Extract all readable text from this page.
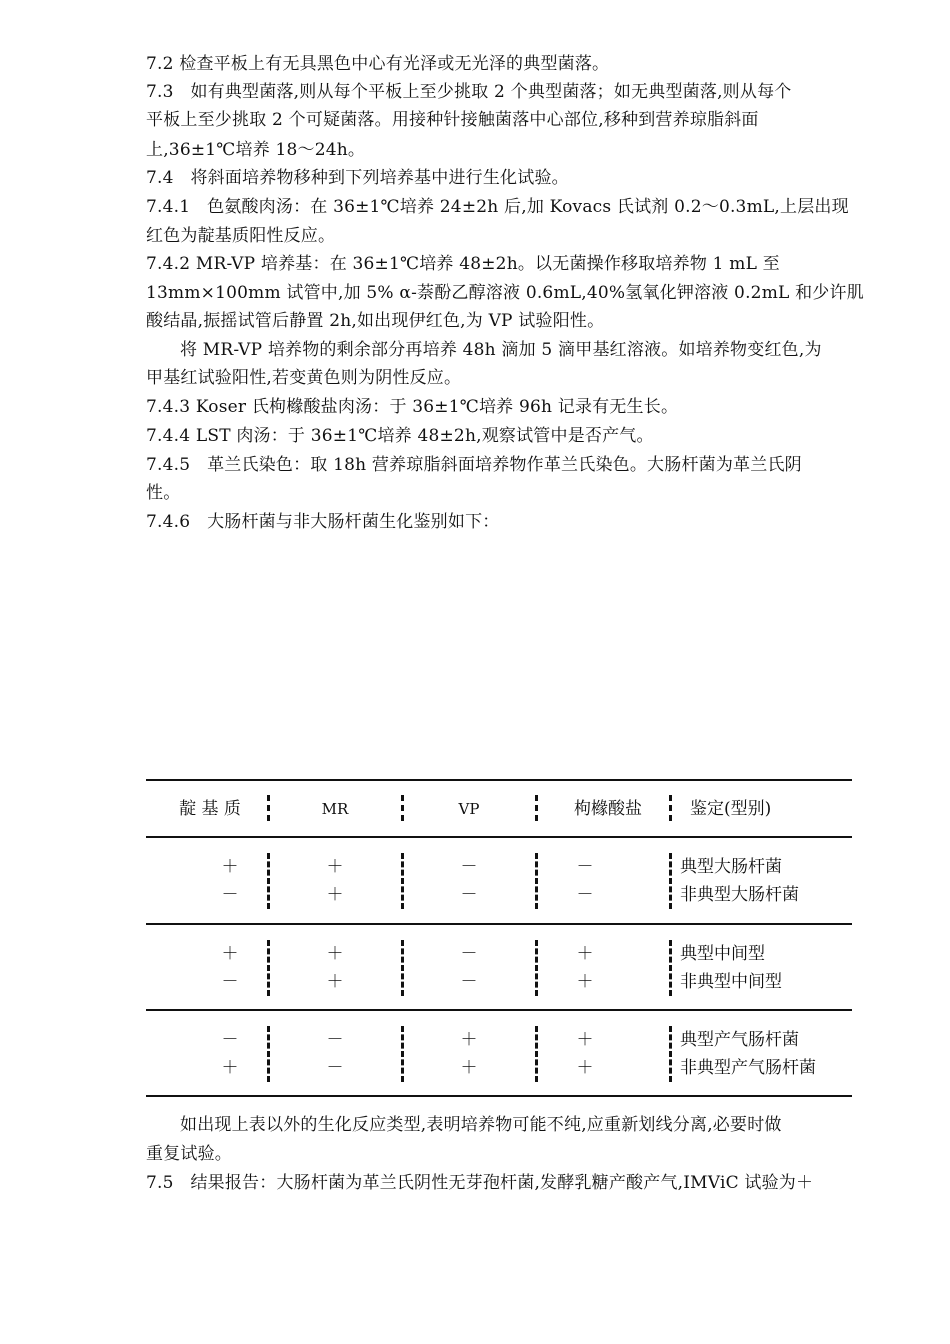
7.2 检查平板上有无具黑色中心有光泽或无光泽的典型菌落。
7.3   如有典型菌落,则从每个平板上至少挑取 2 个典型菌落；如无典型菌落,则从每个
平板上至少挑取 2 个可疑菌落。用接种针接触菌落中心部位,移种到营养琼脂斜面
上,36±1℃培养 18～24h。
7.4   将斜面培养物移种到下列培养基中进行生化试验。
7.4.1   色氨酸肉汤：在 36±1℃培养 24±2h 后,加 Kovacs 氏试剂 0.2～0.3mL,上层出现
红色为靛基质阳性反应。
7.4.2 MR-VP 培养基：在 36±1℃培养 48±2h。以无菌操作移取培养物 1 mL 至
13mm×100mm 试管中,加 5% α-萘酚乙醇溶液 0.6mL,40%氢氧化钾溶液 0.2mL 和少许肌
酸结晶,振摇试管后静置 2h,如出现伊红色,为 VP 试验阳性。
将 MR-VP 培养物的剩余部分再培养 48h 滴加 5 滴甲基红溶液。如培养物变红色,为
甲基红试验阳性,若变黄色则为阴性反应。
7.4.3 Koser 氏枸橼酸盐肉汤：于 36±1℃培养 96h 记录有无生长。
7.4.4 LST 肉汤：于 36±1℃培养 48±2h,观察试管中是否产气。
7.4.5   革兰氏染色：取 18h 营养琼脂斜面培养物作革兰氏染色。大肠杆菌为革兰氏阴
性。
7.4.6   大肠杆菌与非大肠杆菌生化鉴别如下：
靛 基 质	MR	VP	枸橼酸盐	鉴定(型别)
＋	＋	－	－	典型大肠杆菌
－	＋	－	－	非典型大肠杆菌
＋	＋	－	＋	典型中间型
－	＋	－	＋	非典型中间型
－	－	＋	＋	典型产气肠杆菌
＋	－	＋	＋	非典型产气肠杆菌
如出现上表以外的生化反应类型,表明培养物可能不纯,应重新划线分离,必要时做
重复试验。
7.5   结果报告：大肠杆菌为革兰氏阴性无芽孢杆菌,发酵乳糖产酸产气,IMViC 试验为＋
